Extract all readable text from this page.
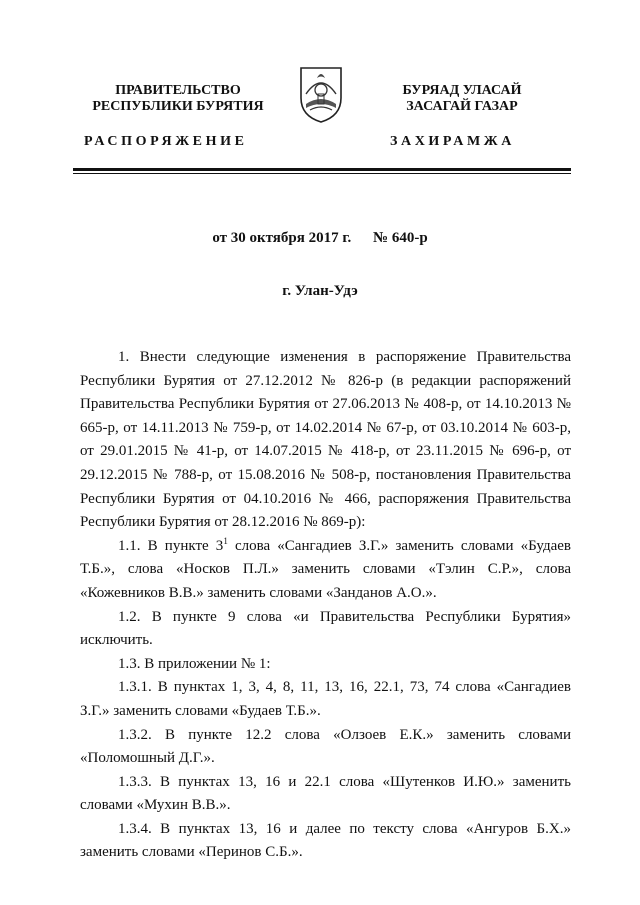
ПРАВИТЕЛЬСТВО
РЕСПУБЛИКИ БУРЯТИЯ
БУРЯАД УЛАСАЙ
ЗАСАГАЙ ГАЗАР
РАСПОРЯЖЕНИЕ	ЗАХИРАМЖА
от 30 октября 2017 г. № 640-р
г. Улан-Удэ

1. Внести следующие изменения в распоряжение Правительства Республики Бурятия от 27.12.2012 № 826-р (в редакции распоряжений Правительства Республики Бурятия от 27.06.2013 № 408-р, от 14.10.2013 № 665-р, от 14.11.2013 № 759-р, от 14.02.2014 № 67-р, от 03.10.2014 № 603-р, от 29.01.2015 № 41-р, от 14.07.2015 № 418-р, от 23.11.2015 № 696-р, от 29.12.2015 № 788-р, от 15.08.2016 № 508-р, постановления Правительства Республики Бурятия от 04.10.2016 № 466, распоряжения Правительства Республики Бурятия от 28.12.2016 № 869-р):

1.1. В пункте $3^1$ слова «Сангадиев З.Г.» заменить словами «Будаев Т.Б.», слова «Носков П.Л.» заменить словами «Тэлин С.Р.», слова «Кожевников В.В.» заменить словами «Занданов А.О.».

1.2. В пункте 9 слова «и Правительства Республики Бурятия» исключить.

1.3. В приложении № 1:

1.3.1. В пунктах 1, 3, 4, 8, 11, 13, 16, 22.1, 73, 74 слова «Сангадиев З.Г.» заменить словами «Будаев Т.Б.».

1.3.2. В пункте 12.2 слова «Олзоев Е.К.» заменить словами «Поломошный Д.Г.».

1.3.3. В пунктах 13, 16 и 22.1 слова «Шутенков И.Ю.» заменить словами «Мухин В.В.».

1.3.4. В пунктах 13, 16 и далее по тексту слова «Ангуров Б.Х.» заменить словами «Перинов С.Б.».
